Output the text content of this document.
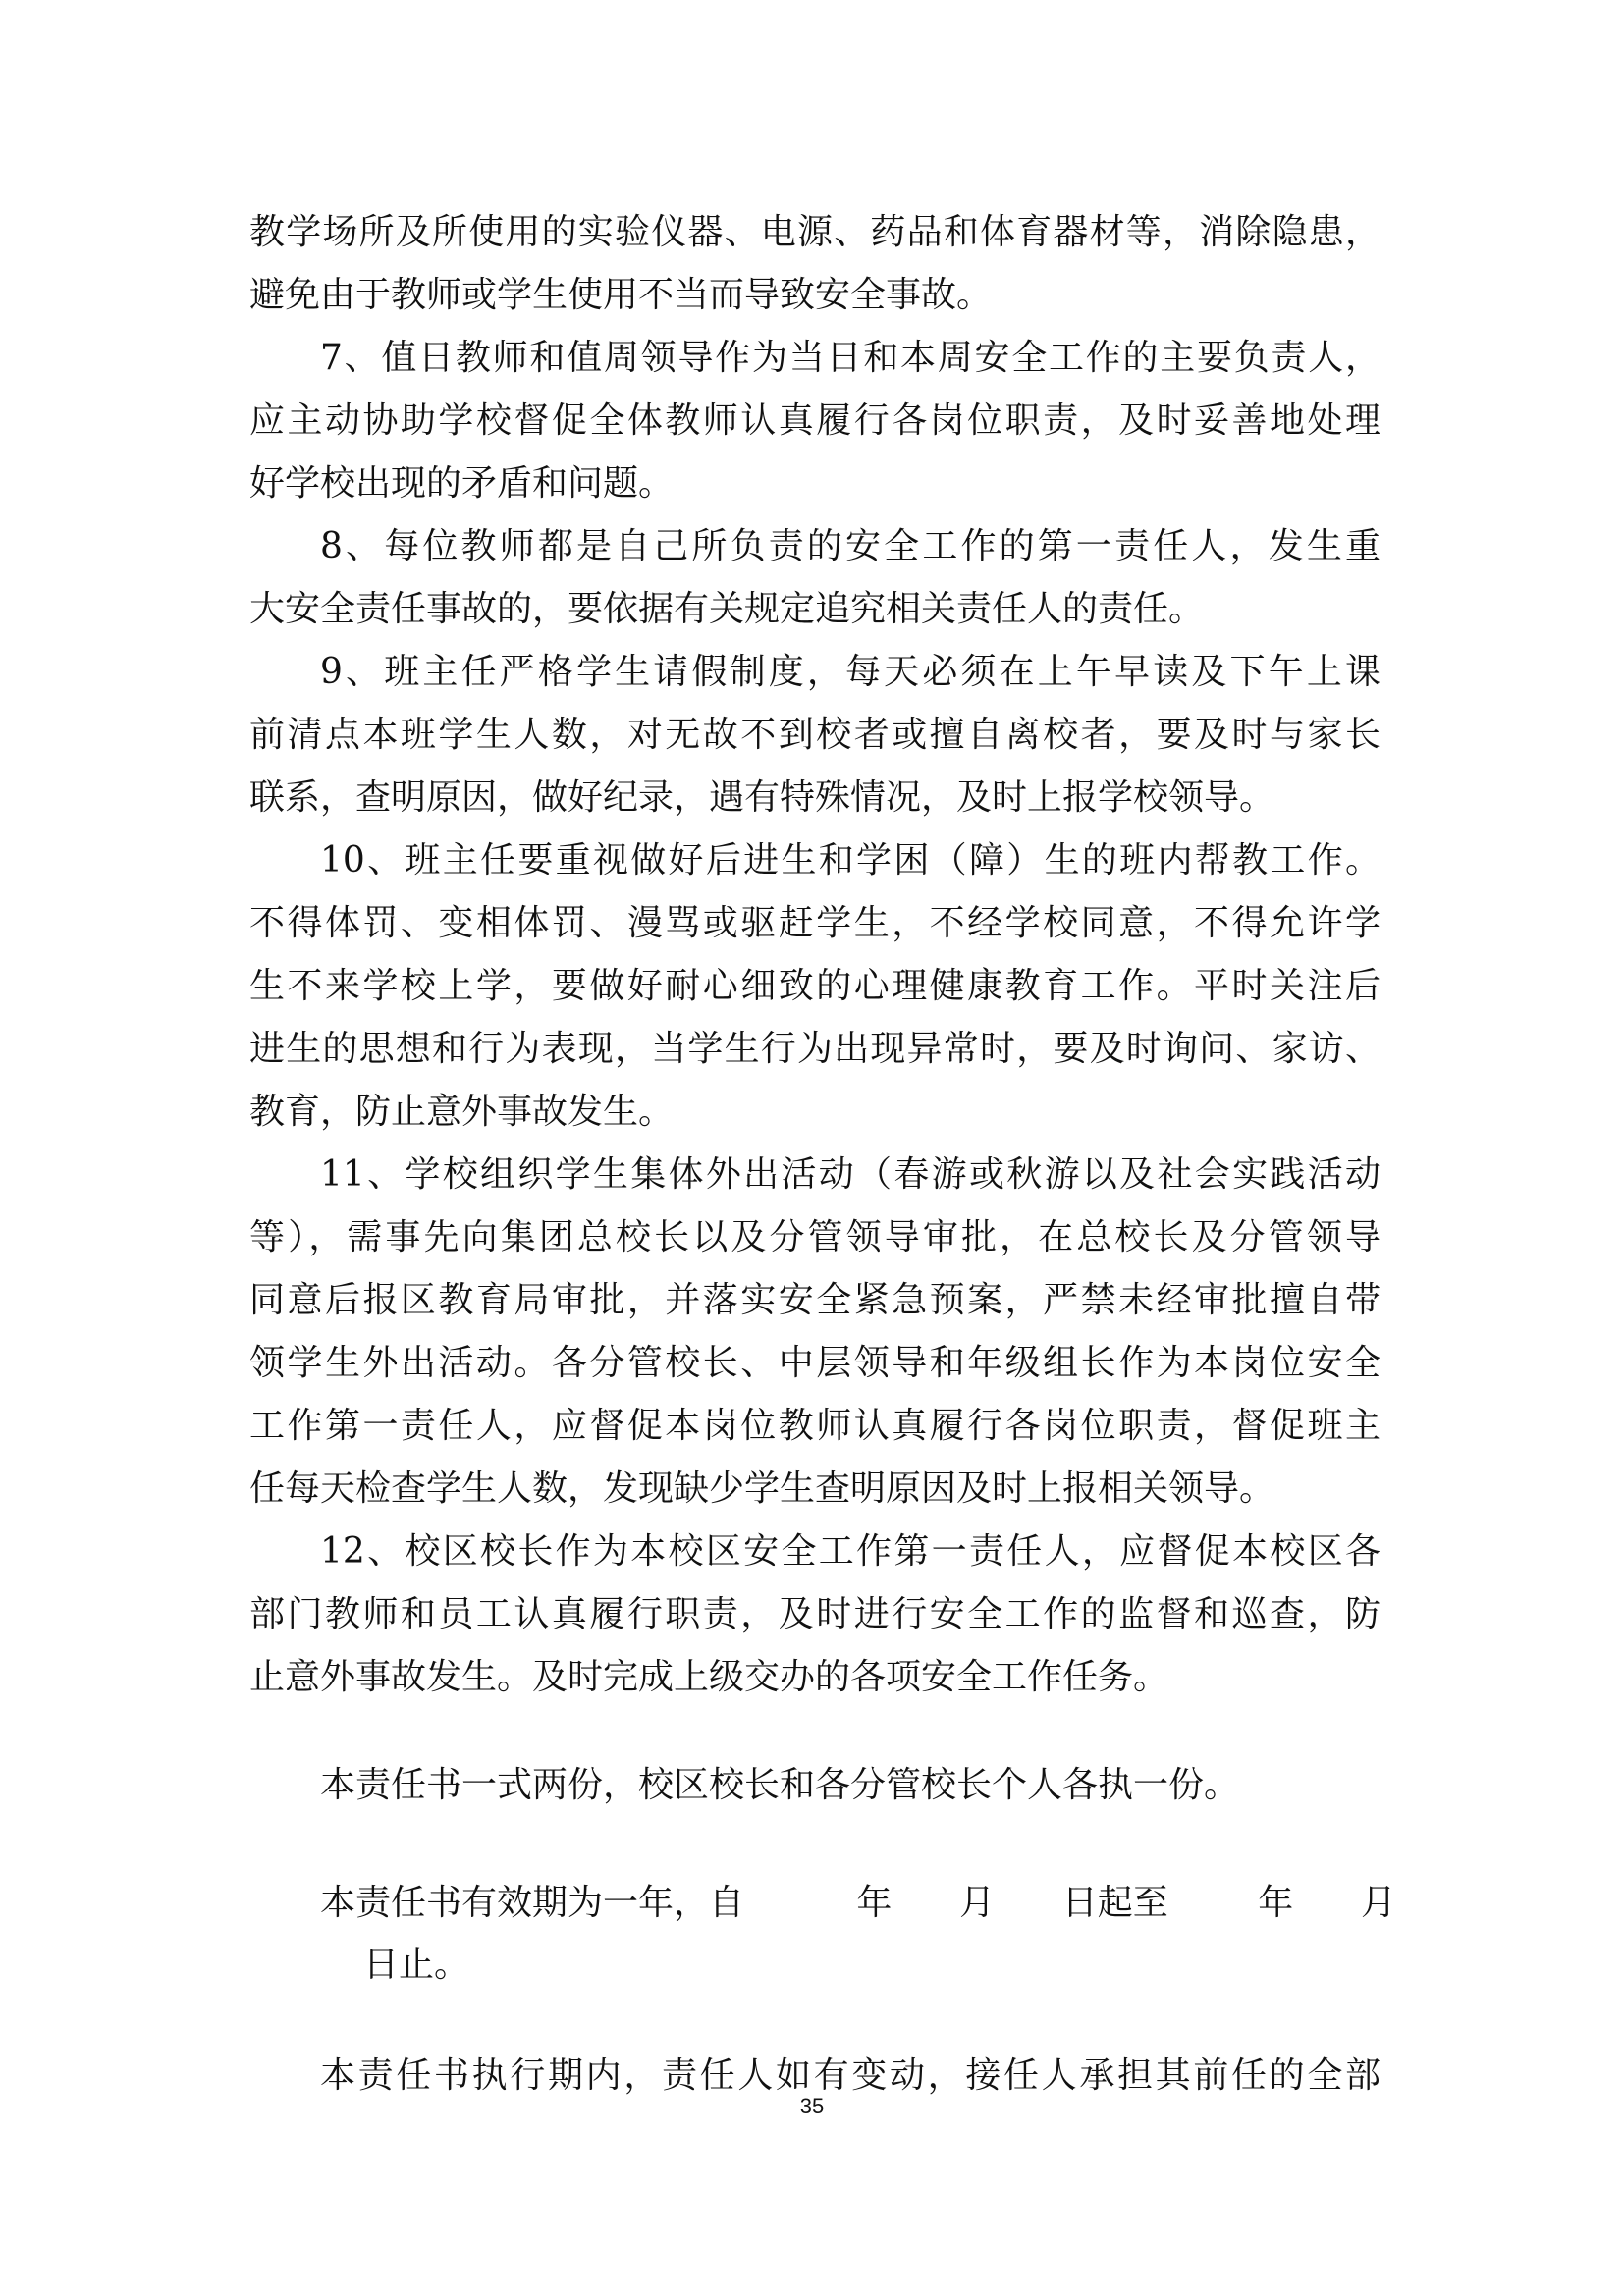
教学场所及所使用的实验仪器、电源、药品和体育器材等，消除隐患，
避免由于教师或学生使用不当而导致安全事故。
7、值日教师和值周领导作为当日和本周安全工作的主要负责人，
应主动协助学校督促全体教师认真履行各岗位职责，及时妥善地处理
好学校出现的矛盾和问题。
8、每位教师都是自己所负责的安全工作的第一责任人，发生重
大安全责任事故的，要依据有关规定追究相关责任人的责任。
9、班主任严格学生请假制度，每天必须在上午早读及下午上课
前清点本班学生人数，对无故不到校者或擅自离校者，要及时与家长
联系，查明原因，做好纪录，遇有特殊情况，及时上报学校领导。
10、班主任要重视做好后进生和学困（障）生的班内帮教工作。
不得体罚、变相体罚、漫骂或驱赶学生，不经学校同意，不得允许学
生不来学校上学，要做好耐心细致的心理健康教育工作。平时关注后
进生的思想和行为表现，当学生行为出现异常时，要及时询问、家访、
教育，防止意外事故发生。
11、学校组织学生集体外出活动（春游或秋游以及社会实践活动
等），需事先向集团总校长以及分管领导审批，在总校长及分管领导
同意后报区教育局审批，并落实安全紧急预案，严禁未经审批擅自带
领学生外出活动。各分管校长、中层领导和年级组长作为本岗位安全
工作第一责任人，应督促本岗位教师认真履行各岗位职责，督促班主
任每天检查学生人数，发现缺少学生查明原因及时上报相关领导。
12、校区校长作为本校区安全工作第一责任人，应督促本校区各
部门教师和员工认真履行职责，及时进行安全工作的监督和巡查，防
止意外事故发生。及时完成上级交办的各项安全工作任务。
本责任书一式两份，校区校长和各分管校长个人各执一份。
本责任书有效期为一年，自          年      月      日起至        年      月
日止。
本责任书执行期内，责任人如有变动，接任人承担其前任的全部
35
